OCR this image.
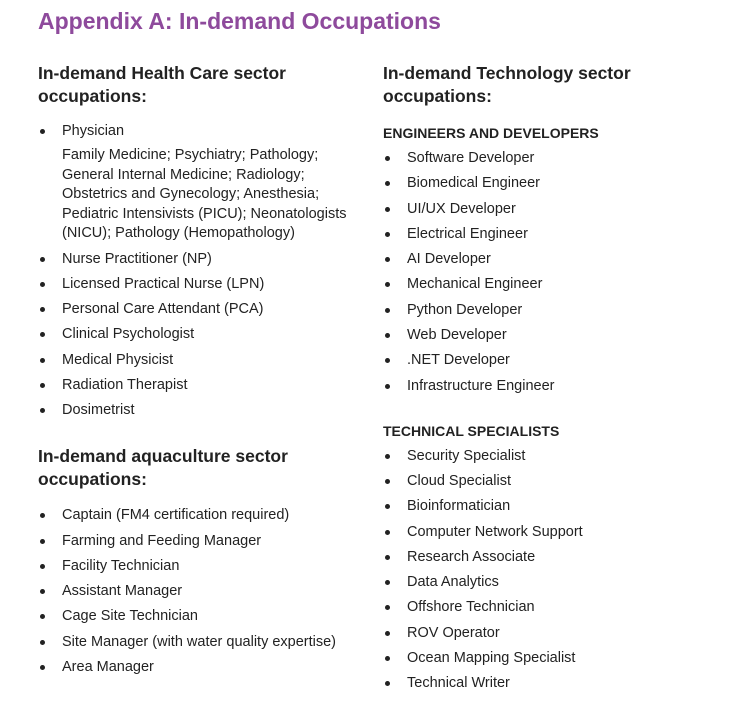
Appendix A: In-demand Occupations
In-demand Health Care sector
occupations:
Physician
Family Medicine; Psychiatry; Pathology;
General Internal Medicine; Radiology;
Obstetrics and Gynecology; Anesthesia;
Pediatric Intensivists (PICU); Neonatologists
(NICU); Pathology (Hemopathology)
Nurse Practitioner (NP)
Licensed Practical Nurse (LPN)
Personal Care Attendant (PCA)
Clinical Psychologist
Medical Physicist
Radiation Therapist
Dosimetrist
In-demand aquaculture sector
occupations:
Captain (FM4 certification required)
Farming and Feeding Manager
Facility Technician
Assistant Manager
Cage Site Technician
Site Manager (with water quality expertise)
Area Manager
In-demand Technology sector
occupations:
ENGINEERS AND DEVELOPERS
Software Developer
Biomedical Engineer
UI/UX Developer
Electrical Engineer
AI Developer
Mechanical Engineer
Python Developer
Web Developer
.NET Developer
Infrastructure Engineer
TECHNICAL SPECIALISTS
Security Specialist
Cloud Specialist
Bioinformatician
Computer Network Support
Research Associate
Data Analytics
Offshore Technician
ROV Operator
Ocean Mapping Specialist
Technical Writer
